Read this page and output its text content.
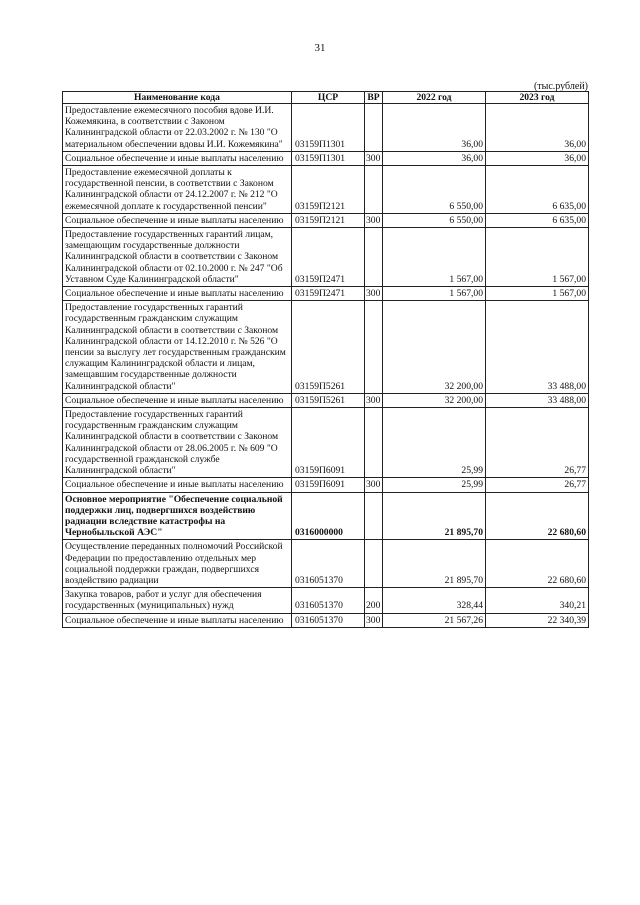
31
(тыс.рублей)
Наименование кода	ЦСР	ВР	2022 год	2023 год
Предоставление ежемесячного пособия вдове И.И. Кожемякина, в соответствии с Законом Калининградской области от 22.03.2002 г. № 130 "О материальном обеспечении вдовы И.И. Кожемякина"	03159П1301		36,00	36,00
Социальное обеспечение и иные выплаты населению	03159П1301	300	36,00	36,00
Предоставление ежемесячной доплаты к государственной пенсии, в соответствии с Законом Калининградской области от 24.12.2007 г. № 212 "О ежемесячной доплате к государственной пенсии"	03159П2121		6 550,00	6 635,00
Социальное обеспечение и иные выплаты населению	03159П2121	300	6 550,00	6 635,00
Предоставление государственных гарантий лицам, замещающим государственные должности Калининградской области в соответствии с Законом Калининградской области от 02.10.2000 г. № 247 "Об Уставном Суде Калининградской области"	03159П2471		1 567,00	1 567,00
Социальное обеспечение и иные выплаты населению	03159П2471	300	1 567,00	1 567,00
Предоставление государственных гарантий государственным гражданским служащим Калининградской области в соответствии с Законом Калининградской области от 14.12.2010 г. № 526 "О пенсии за выслугу лет государственным гражданским служащим Калининградской области и лицам, замещавшим государственные должности Калининградской области"	03159П5261		32 200,00	33 488,00
Социальное обеспечение и иные выплаты населению	03159П5261	300	32 200,00	33 488,00
Предоставление государственных гарантий государственным гражданским служащим Калининградской области в соответствии с Законом Калининградской области от 28.06.2005 г. № 609 "О государственной гражданской службе Калининградской области"	03159П6091		25,99	26,77
Социальное обеспечение и иные выплаты населению	03159П6091	300	25,99	26,77
Основное мероприятие "Обеспечение социальной поддержки лиц, подвергшихся воздействию радиации вследствие катастрофы на Чернобыльской АЭС"	0316000000		21 895,70	22 680,60
Осуществление переданных полномочий Российской Федерации по предоставлению отдельных мер социальной поддержки граждан, подвергшихся воздействию радиации	0316051370		21 895,70	22 680,60
Закупка товаров, работ и услуг для обеспечения государственных (муниципальных) нужд	0316051370	200	328,44	340,21
Социальное обеспечение и иные выплаты населению	0316051370	300	21 567,26	22 340,39
